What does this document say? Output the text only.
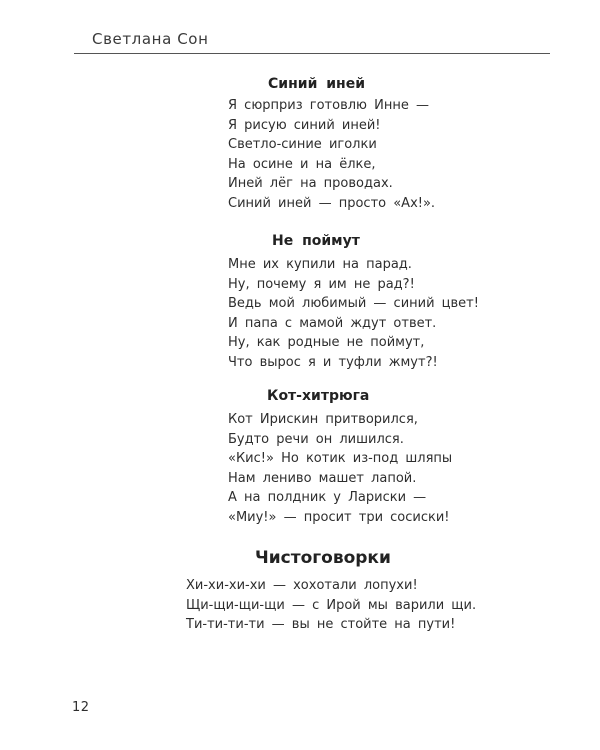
Светлана Сон
Синий иней
Я сюрприз готовлю Инне —
Я рисую синий иней!
Светло-синие иголки
На осине и на ёлке,
Иней лёг на проводах.
Синий иней — просто «Ах!».
Не поймут
Мне их купили на парад.
Ну, почему я им не рад?!
Ведь мой любимый — синий цвет!
И папа с мамой ждут ответ.
Ну, как родные не поймут,
Что вырос я и туфли жмут?!
Кот-хитрюга
Кот Ирискин притворился,
Будто речи он лишился.
«Кис!» Но котик из-под шляпы
Нам лениво машет лапой.
А на полдник у Лариски —
«Миу!» — просит три сосиски!
Чистоговорки
Хи-хи-хи-хи — хохотали лопухи!
Щи-щи-щи-щи — с Ирой мы варили щи.
Ти-ти-ти-ти — вы не стойте на пути!
12
